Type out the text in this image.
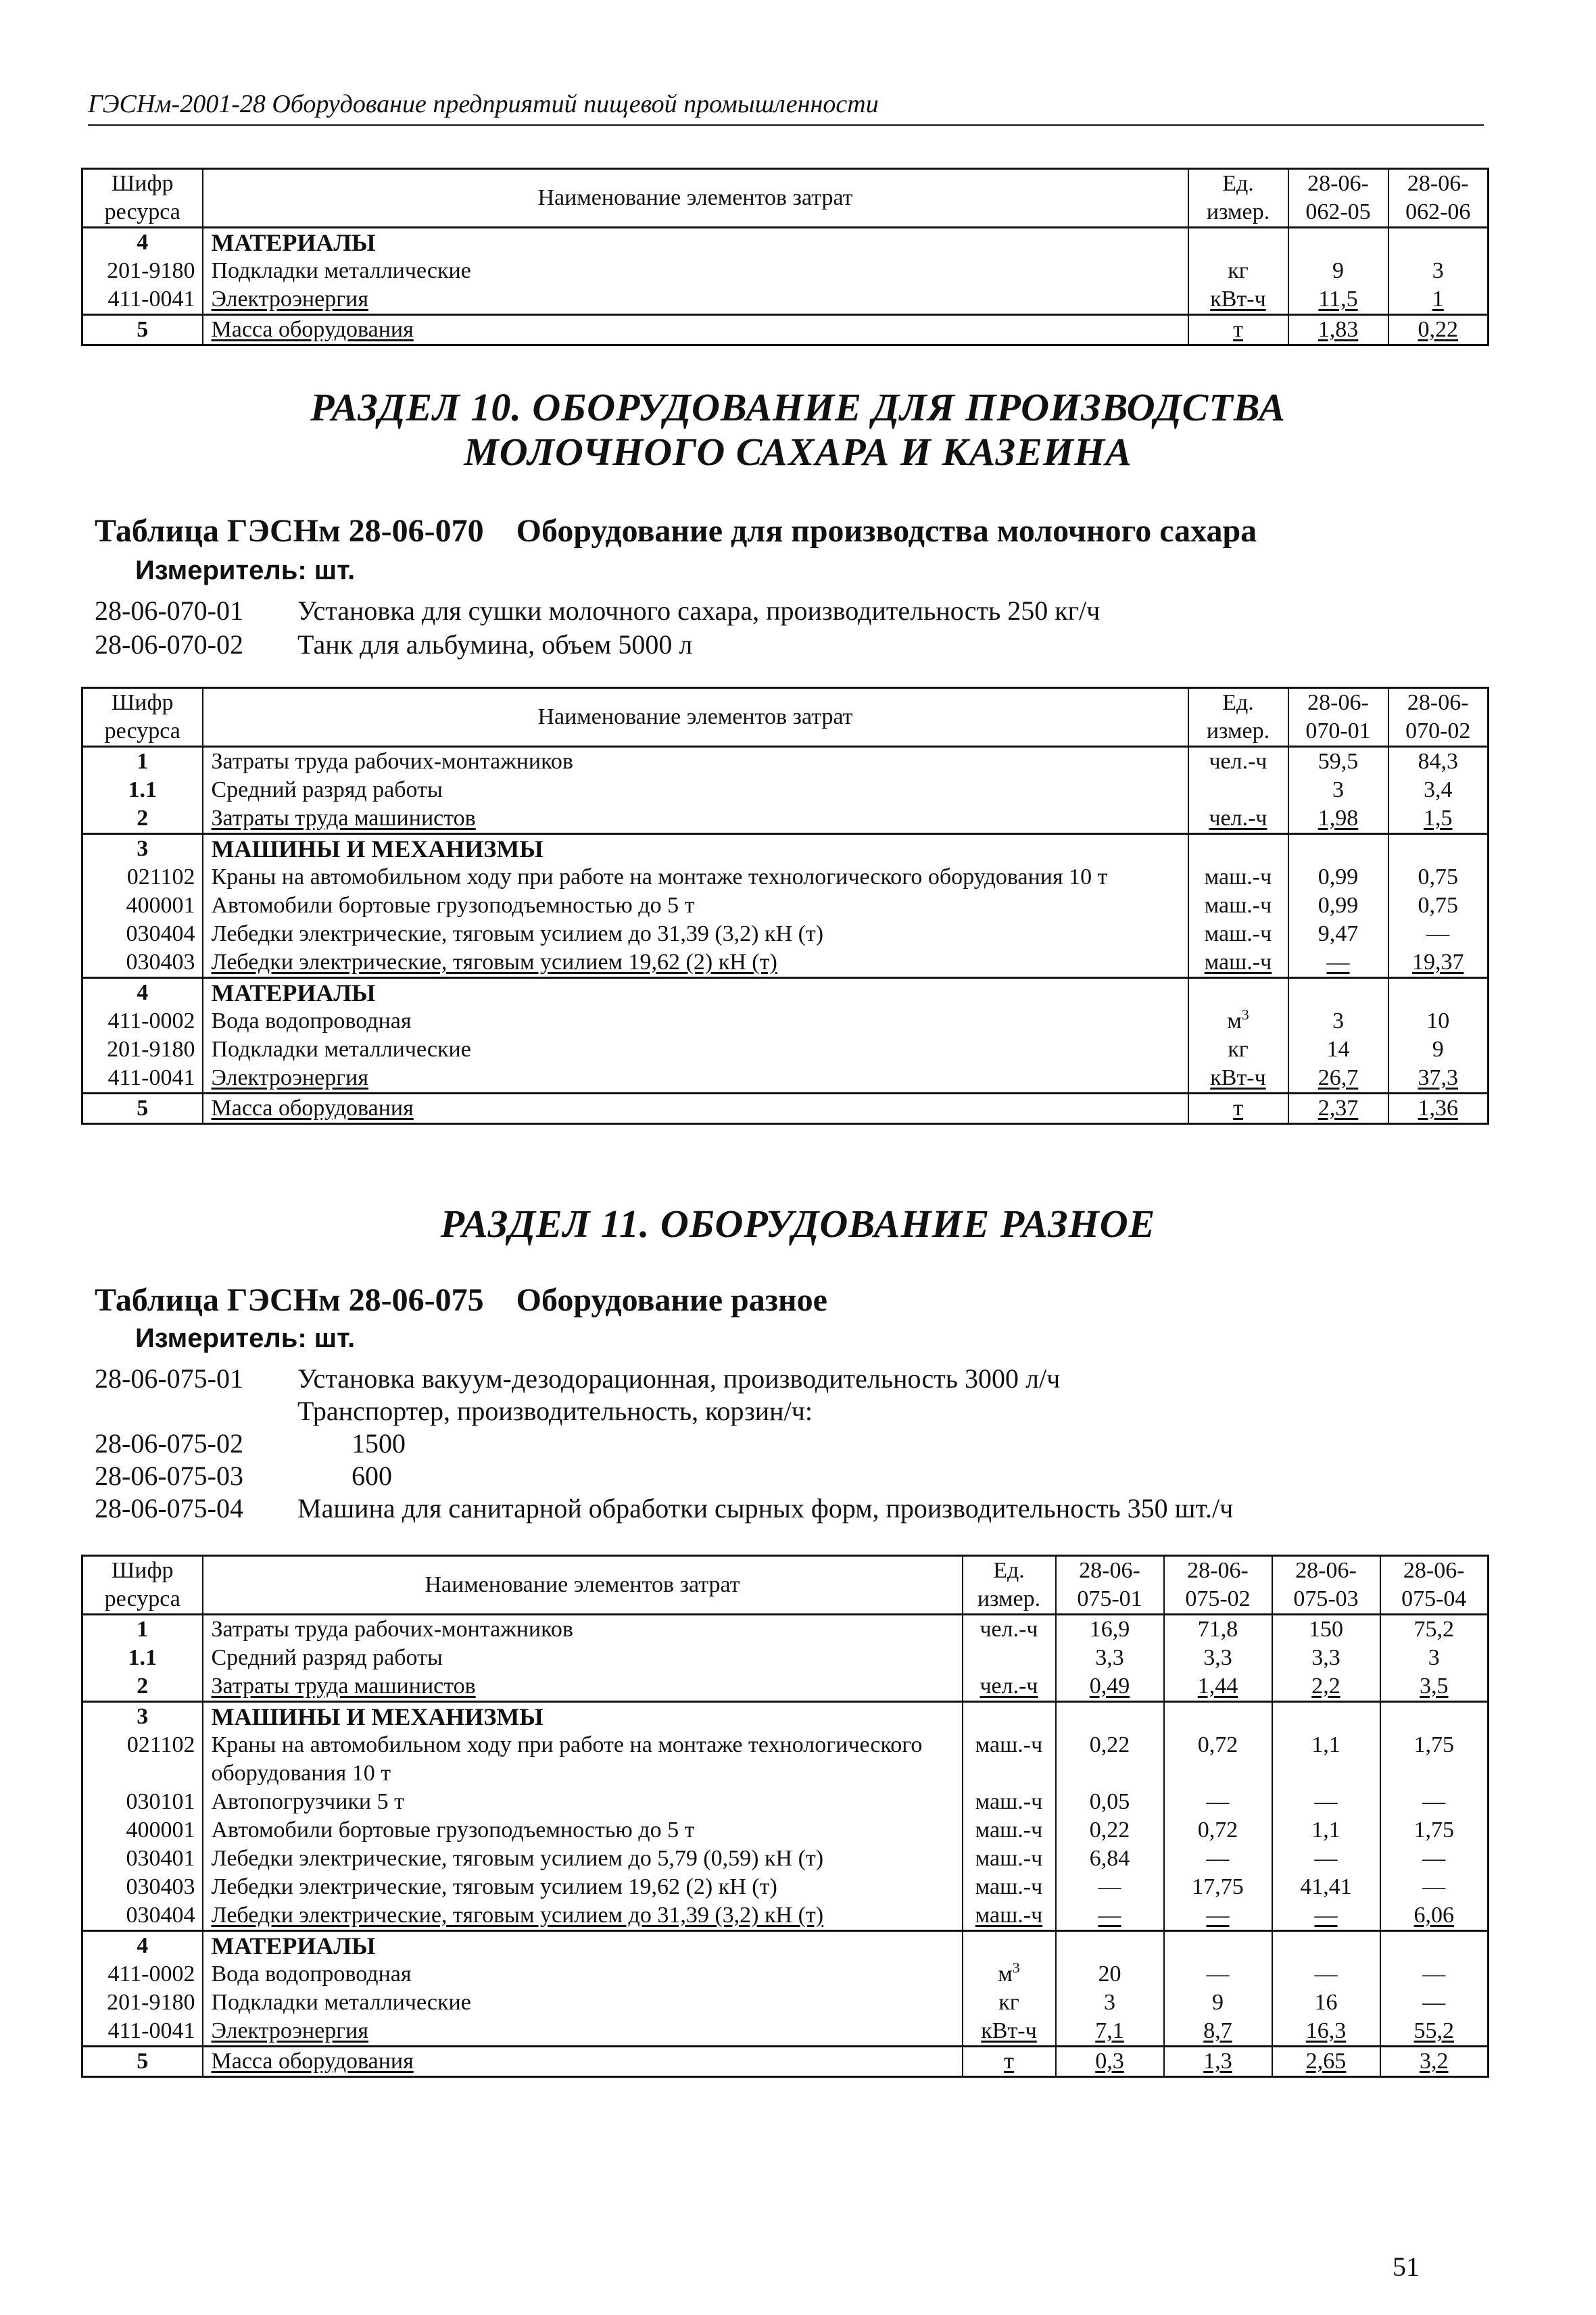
ГЭСНм-2001-28 Оборудование предприятий пищевой промышленности
Шифр ресурса	Наименование элементов затрат	Ед. измер.	28-06-062-05	28-06-062-06
4	МАТЕРИАЛЫ			
201-9180	Подкладки металлические	кг	9	3
411-0041	Электроэнергия	кВт-ч	11,5	1
5	Масса оборудования	т	1,83	0,22
РАЗДЕЛ 10. ОБОРУДОВАНИЕ ДЛЯ ПРОИЗВОДСТВА
МОЛОЧНОГО САХАРА И КАЗЕИНА
Таблица ГЭСНм 28-06-070 Оборудование для производства молочного сахара
Измеритель: шт.
28-06-070-01 Установка для сушки молочного сахара, производительность 250 кг/ч
28-06-070-02 Танк для альбумина, объем 5000 л
Шифр ресурса	Наименование элементов затрат	Ед. измер.	28-06-070-01	28-06-070-02
1	Затраты труда рабочих-монтажников	чел.-ч	59,5	84,3
1.1	Средний разряд работы		3	3,4
2	Затраты труда машинистов	чел.-ч	1,98	1,5
3	МАШИНЫ И МЕХАНИЗМЫ			
021102	Краны на автомобильном ходу при работе на монтаже технологического оборудования 10 т	маш.-ч	0,99	0,75
400001	Автомобили бортовые грузоподъемностью до 5 т	маш.-ч	0,99	0,75
030404	Лебедки электрические, тяговым усилием до 31,39 (3,2) кН (т)	маш.-ч	9,47	—
030403	Лебедки электрические, тяговым усилием 19,62 (2) кН (т)	маш.-ч	—	19,37
4	МАТЕРИАЛЫ			
411-0002	Вода водопроводная	$м^3$	3	10
201-9180	Подкладки металлические	кг	14	9
411-0041	Электроэнергия	кВт-ч	26,7	37,3
5	Масса оборудования	т	2,37	1,36
РАЗДЕЛ 11. ОБОРУДОВАНИЕ РАЗНОЕ
Таблица ГЭСНм 28-06-075 Оборудование разное
Измеритель: шт.
28-06-075-01 Установка вакуум-дезодорационная, производительность 3000 л/ч
Транспортер, производительность, корзин/ч:
28-06-075-02	1500
28-06-075-03	600
28-06-075-04 Машина для санитарной обработки сырных форм, производительность 350 шт./ч
Шифр ресурса	Наименование элементов затрат	Ед. измер.	28-06-075-01	28-06-075-02	28-06-075-03	28-06-075-04
1	Затраты труда рабочих-монтажников	чел.-ч	16,9	71,8	150	75,2
1.1	Средний разряд работы		3,3	3,3	3,3	3
2	Затраты труда машинистов	чел.-ч	0,49	1,44	2,2	3,5
3	МАШИНЫ И МЕХАНИЗМЫ					
021102	Краны на автомобильном ходу при работе на монтаже технологического оборудования 10 т	маш.-ч	0,22	0,72	1,1	1,75
030101	Автопогрузчики 5 т	маш.-ч	0,05	—	—	—
400001	Автомобили бортовые грузоподъемностью до 5 т	маш.-ч	0,22	0,72	1,1	1,75
030401	Лебедки электрические, тяговым усилием до 5,79 (0,59) кН (т)	маш.-ч	6,84	—	—	—
030403	Лебедки электрические, тяговым усилием 19,62 (2) кН (т)	маш.-ч	—	17,75	41,41	—
030404	Лебедки электрические, тяговым усилием до 31,39 (3,2) кН (т)	маш.-ч	—	—	—	6,06
4	МАТЕРИАЛЫ					
411-0002	Вода водопроводная	$м^3$	20	—	—	—
201-9180	Подкладки металлические	кг	3	9	16	—
411-0041	Электроэнергия	кВт-ч	7,1	8,7	16,3	55,2
5	Масса оборудования	т	0,3	1,3	2,65	3,2
51
